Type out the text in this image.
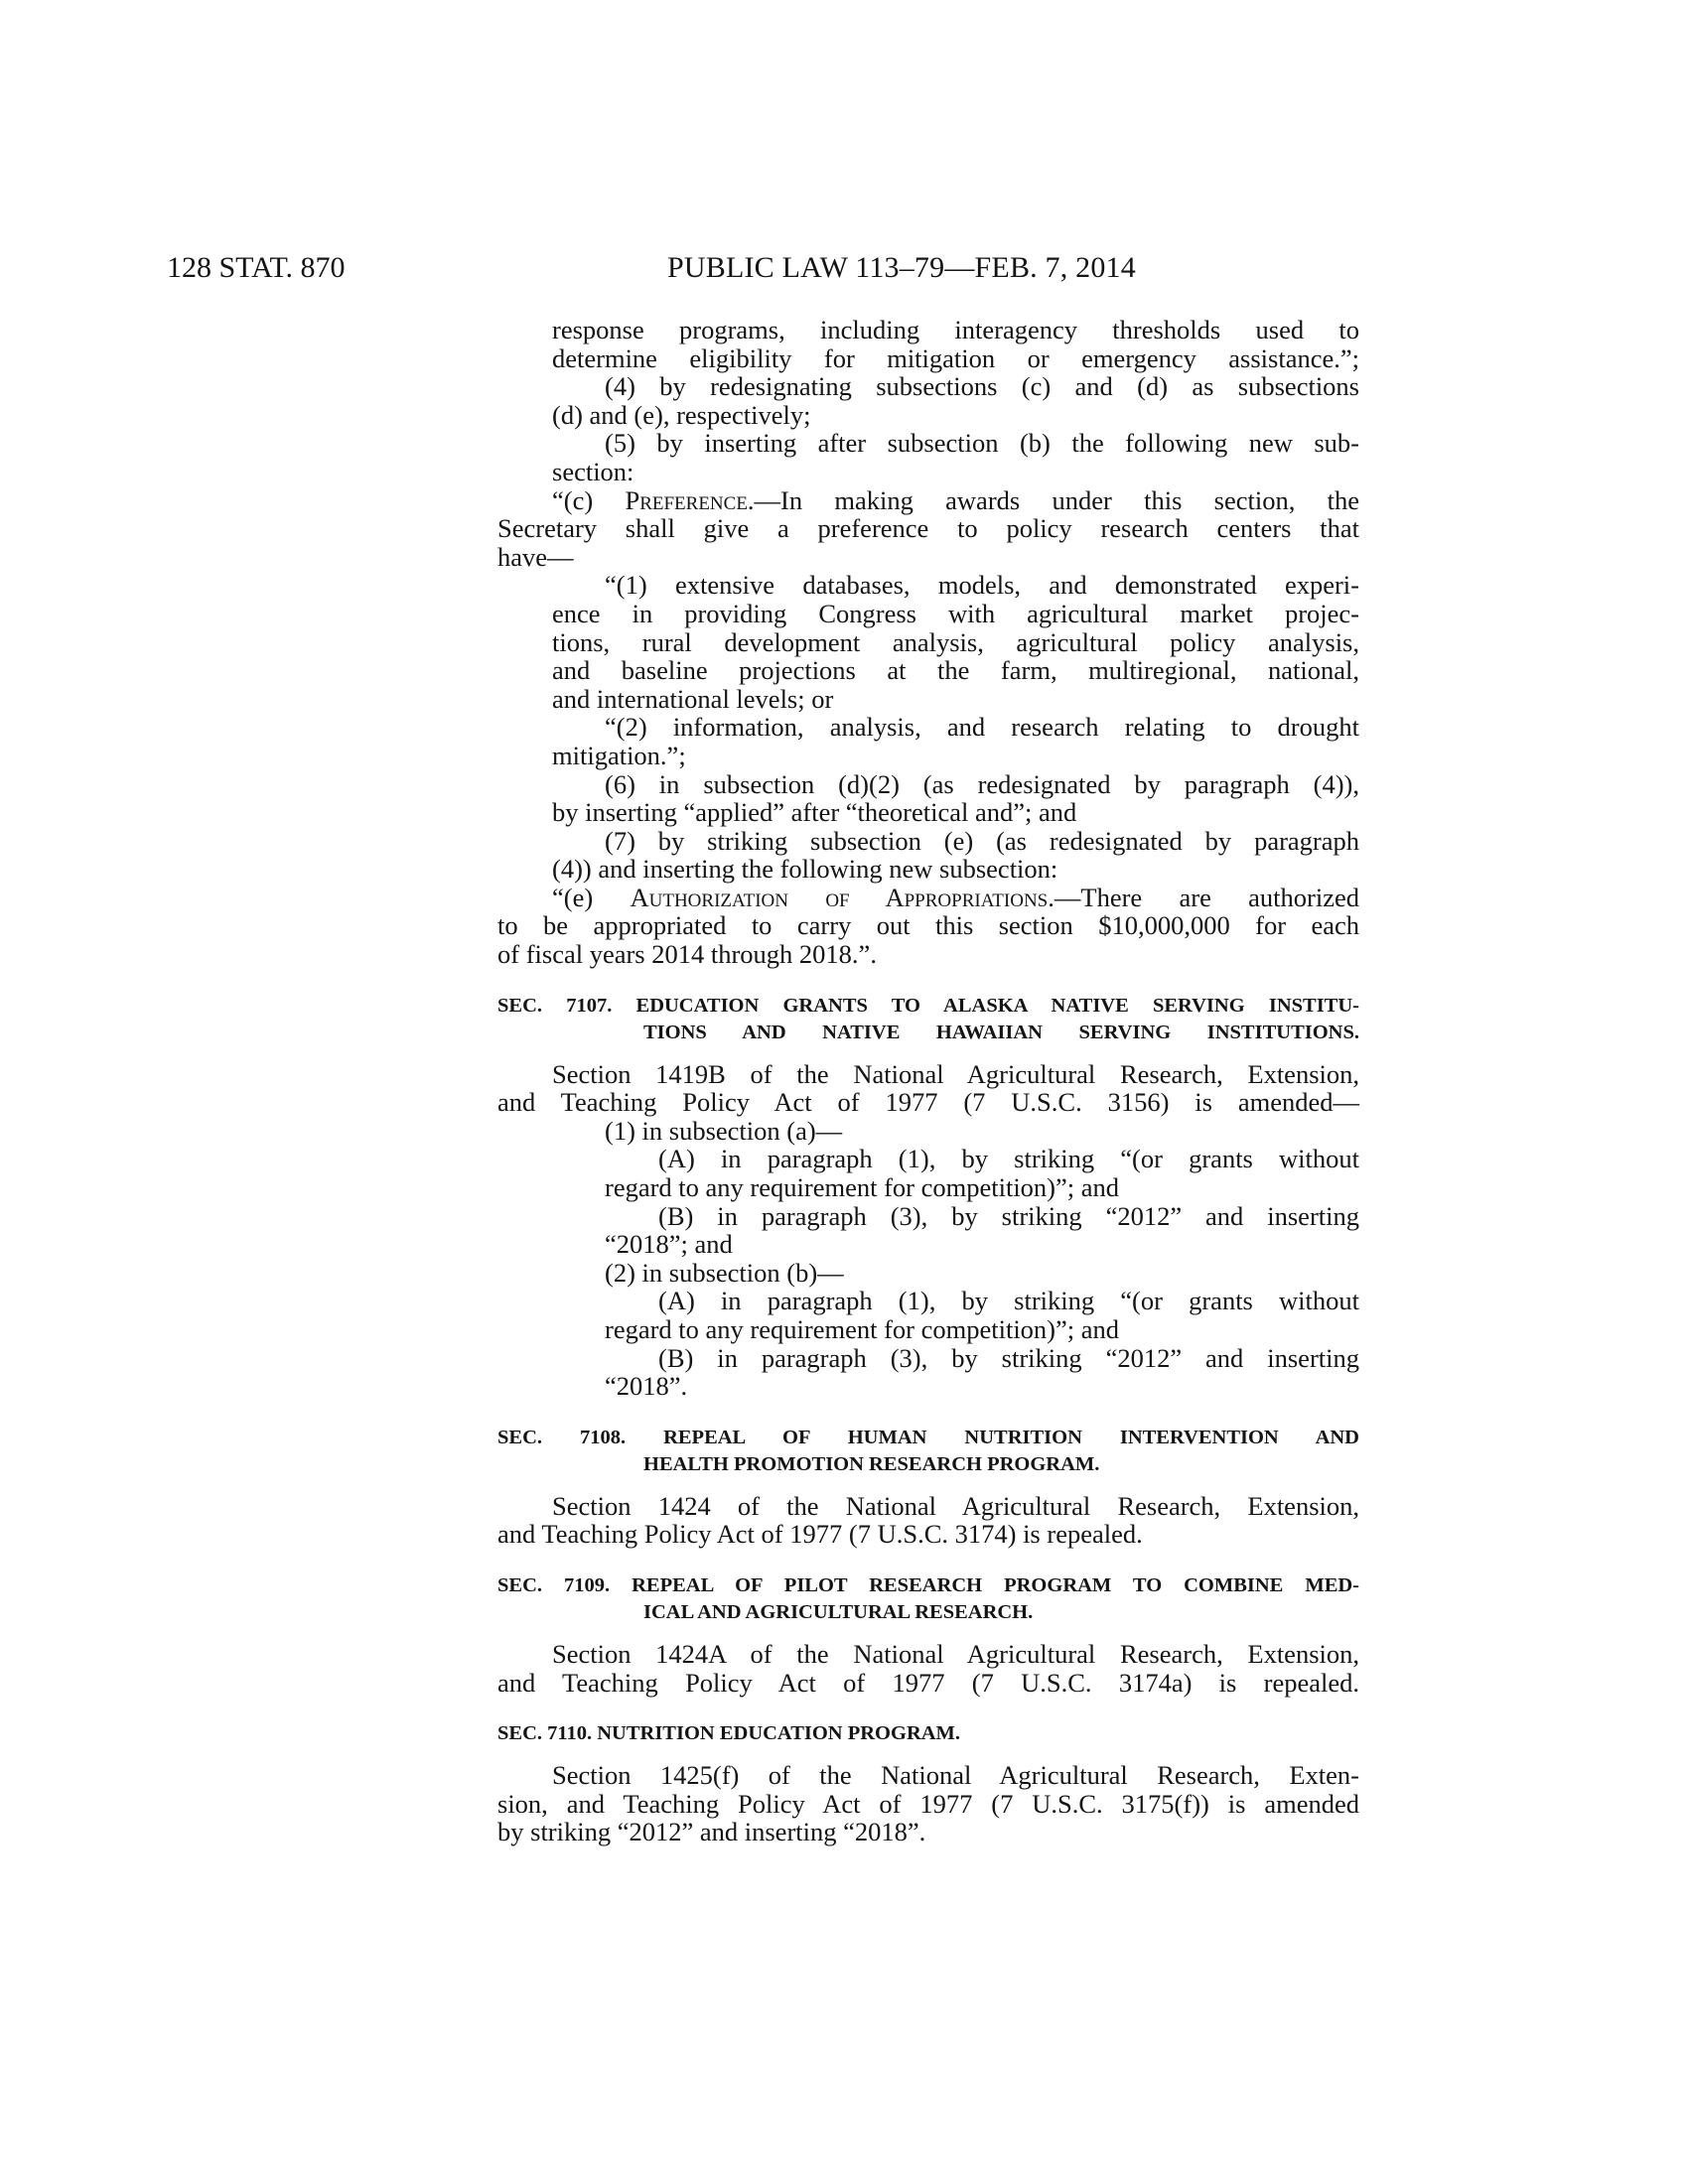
128 STAT. 870	PUBLIC LAW 113–79—FEB. 7, 2014
response programs, including interagency thresholds used to
determine eligibility for mitigation or emergency assistance.”;
(4) by redesignating subsections (c) and (d) as subsections
(d) and (e), respectively;
(5) by inserting after subsection (b) the following new sub-
section:
“(c) Preference.—In making awards under this section, the
Secretary shall give a preference to policy research centers that
have—
“(1) extensive databases, models, and demonstrated experi-
ence in providing Congress with agricultural market projec-
tions, rural development analysis, agricultural policy analysis,
and baseline projections at the farm, multiregional, national,
and international levels; or
“(2) information, analysis, and research relating to drought
mitigation.”;
(6) in subsection (d)(2) (as redesignated by paragraph (4)),
by inserting “applied” after “theoretical and”; and
(7) by striking subsection (e) (as redesignated by paragraph
(4)) and inserting the following new subsection:
“(e) Authorization of Appropriations.—There are authorized
to be appropriated to carry out this section $10,000,000 for each
of fiscal years 2014 through 2018.”.
SEC. 7107. EDUCATION GRANTS TO ALASKA NATIVE SERVING INSTITU-
TIONS AND NATIVE HAWAIIAN SERVING INSTITUTIONS.
Section 1419B of the National Agricultural Research, Extension,
and Teaching Policy Act of 1977 (7 U.S.C. 3156) is amended—
(1) in subsection (a)—
(A) in paragraph (1), by striking “(or grants without
regard to any requirement for competition)”; and
(B) in paragraph (3), by striking “2012” and inserting
“2018”; and
(2) in subsection (b)—
(A) in paragraph (1), by striking “(or grants without
regard to any requirement for competition)”; and
(B) in paragraph (3), by striking “2012” and inserting
“2018”.
SEC. 7108. REPEAL OF HUMAN NUTRITION INTERVENTION AND
HEALTH PROMOTION RESEARCH PROGRAM.
Section 1424 of the National Agricultural Research, Extension,
and Teaching Policy Act of 1977 (7 U.S.C. 3174) is repealed.
SEC. 7109. REPEAL OF PILOT RESEARCH PROGRAM TO COMBINE MED-
ICAL AND AGRICULTURAL RESEARCH.
Section 1424A of the National Agricultural Research, Extension,
and Teaching Policy Act of 1977 (7 U.S.C. 3174a) is repealed.
SEC. 7110. NUTRITION EDUCATION PROGRAM.
Section 1425(f) of the National Agricultural Research, Exten-
sion, and Teaching Policy Act of 1977 (7 U.S.C. 3175(f)) is amended
by striking “2012” and inserting “2018”.
